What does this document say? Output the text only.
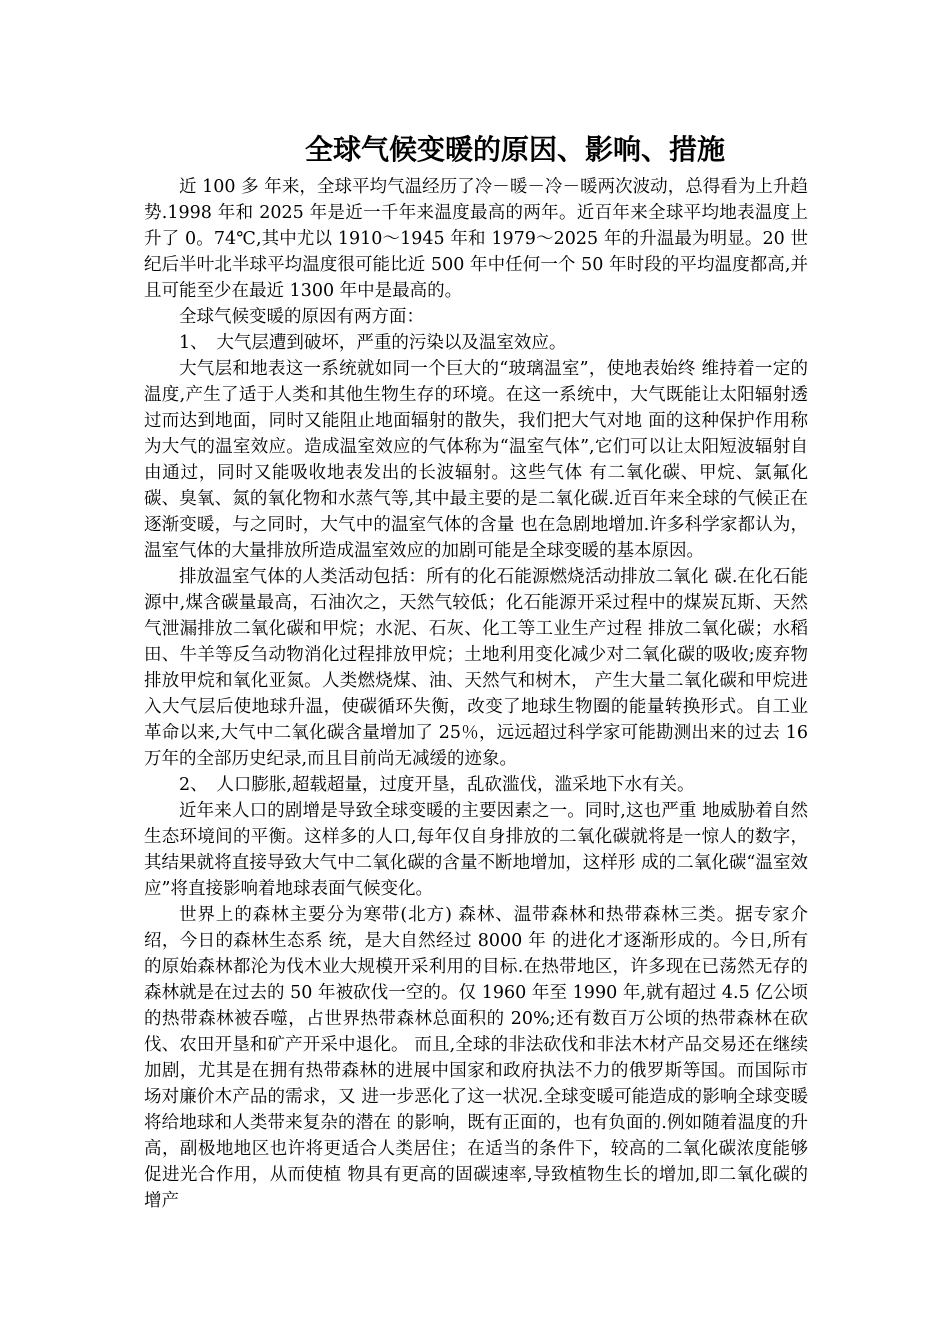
全球气候变暖的原因、影响、措施

近 100 多 年来，全球平均气温经历了冷－暖－冷－暖两次波动，总得看为上升趋 势.1998 年和 2025 年是近一千年来温度最高的两年。近百年来全球平均地表温度上升了 0。74℃,其中尤以 1910～1945 年和 1979～2025 年的升温最为明显。20 世纪后半叶北半球平均温度很可能比近 500 年中任何一个 50 年时段的平均温度都高,并且可能至少在最近 1300 年中是最高的。

全球气候变暖的原因有两方面：

1、　大气层遭到破坏，严重的污染以及温室效应。

大气层和地表这一系统就如同一个巨大的“玻璃温室”，使地表始终 维持着一定的温度,产生了适于人类和其他生物生存的环境。在这一系统中，大气既能让太阳辐射透过而达到地面，同时又能阻止地面辐射的散失，我们把大气对地 面的这种保护作用称为大气的温室效应。造成温室效应的气体称为“温室气体”,它们可以让太阳短波辐射自由通过，同时又能吸收地表发出的长波辐射。这些气体 有二氧化碳、甲烷、氯氟化碳、臭氧、氮的氧化物和水蒸气等,其中最主要的是二氧化碳.近百年来全球的气候正在逐渐变暖，与之同时，大气中的温室气体的含量 也在急剧地增加.许多科学家都认为，温室气体的大量排放所造成温室效应的加剧可能是全球变暖的基本原因。

排放温室气体的人类活动包括：所有的化石能源燃烧活动排放二氧化 碳.在化石能源中,煤含碳量最高，石油次之，天然气较低；化石能源开采过程中的煤炭瓦斯、天然气泄漏排放二氧化碳和甲烷；水泥、石灰、化工等工业生产过程 排放二氧化碳；水稻田、牛羊等反刍动物消化过程排放甲烷；土地利用变化减少对二氧化碳的吸收;废弃物排放甲烷和氧化亚氮。人类燃烧煤、油、天然气和树木， 产生大量二氧化碳和甲烷进入大气层后使地球升温，使碳循环失衡，改变了地球生物圈的能量转换形式。自工业革命以来,大气中二氧化碳含量增加了 25％，远远超过科学家可能勘测出来的过去 16 万年的全部历史纪录,而且目前尚无减缓的迹象。

2、　人口膨胀,超载超量，过度开垦，乱砍滥伐，滥采地下水有关。

近年来人口的剧增是导致全球变暖的主要因素之一。同时,这也严重 地威胁着自然生态环境间的平衡。这样多的人口,每年仅自身排放的二氧化碳就将是一惊人的数字，其结果就将直接导致大气中二氧化碳的含量不断地增加，这样形 成的二氧化碳“温室效应”将直接影响着地球表面气候变化。

世界上的森林主要分为寒带(北方) 森林、温带森林和热带森林三类。据专家介绍，今日的森林生态系 统，是大自然经过 8000 年 的进化才逐渐形成的。今日,所有的原始森林都沦为伐木业大规模开采利用的目标.在热带地区，许多现在已荡然无存的森林就是在过去的 50 年被砍伐一空的。仅 1960 年至 1990 年,就有超过 4.5 亿公顷的热带森林被吞噬，占世界热带森林总面积的 20%;还有数百万公顷的热带森林在砍伐、农田开垦和矿产开采中退化。 而且,全球的非法砍伐和非法木材产品交易还在继续加剧，尤其是在拥有热带森林的进展中国家和政府执法不力的俄罗斯等国。而国际市场对廉价木产品的需求，又 进一步恶化了这一状况.全球变暖可能造成的影响全球变暖将给地球和人类带来复杂的潜在 的影响，既有正面的，也有负面的.例如随着温度的升高，副极地地区也许将更适合人类居住；在适当的条件下，较高的二氧化碳浓度能够促进光合作用，从而使植 物具有更高的固碳速率,导致植物生长的增加,即二氧化碳的增产
